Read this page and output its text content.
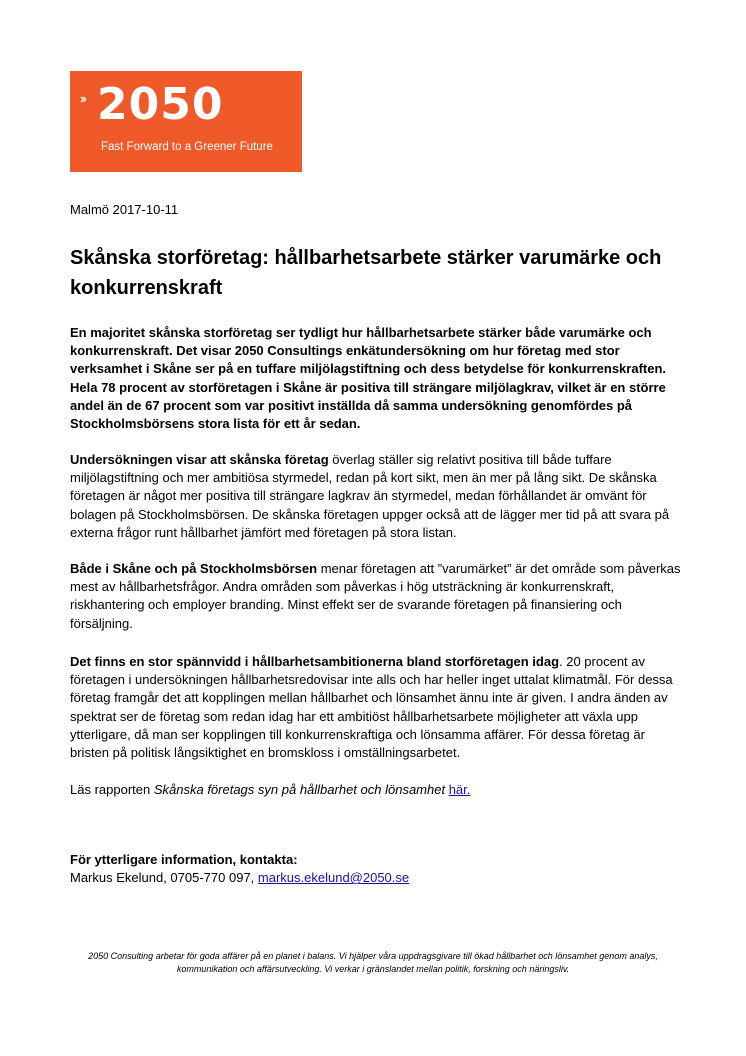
›› 2050
Fast Forward to a Greener Future
Malmö 2017-10-11
Skånska storföretag: hållbarhetsarbete stärker varumärke och konkurrenskraft

En majoritet skånska storföretag ser tydligt hur hållbarhetsarbete stärker både varumärke och konkurrenskraft. Det visar 2050 Consultings enkätundersökning om hur företag med stor verksamhet i Skåne ser på en tuffare miljölagstiftning och dess betydelse för konkurrenskraften. Hela 78 procent av storföretagen i Skåne är positiva till strängare miljölagkrav, vilket är en större andel än de 67 procent som var positivt inställda då samma undersökning genomfördes på Stockholmsbörsens stora lista för ett år sedan.

Undersökningen visar att skånska företag överlag ställer sig relativt positiva till både tuffare miljölagstiftning och mer ambitiösa styrmedel, redan på kort sikt, men än mer på lång sikt. De skånska företagen är något mer positiva till strängare lagkrav än styrmedel, medan förhållandet är omvänt för bolagen på Stockholmsbörsen. De skånska företagen uppger också att de lägger mer tid på att svara på externa frågor runt hållbarhet jämfört med företagen på stora listan.

Både i Skåne och på Stockholmsbörsen menar företagen att ”varumärket” är det område som påverkas mest av hållbarhetsfrågor. Andra områden som påverkas i hög utsträckning är konkurrenskraft, riskhantering och employer branding. Minst effekt ser de svarande företagen på finansiering och försäljning.

Det finns en stor spännvidd i hållbarhetsambitionerna bland storföretagen idag. 20 procent av företagen i undersökningen hållbarhetsredovisar inte alls och har heller inget uttalat klimatmål. För dessa företag framgår det att kopplingen mellan hållbarhet och lönsamhet ännu inte är given. I andra änden av spektrat ser de företag som redan idag har ett ambitiöst hållbarhetsarbete möjligheter att växla upp ytterligare, då man ser kopplingen till konkurrenskraftiga och lönsamma affärer. För dessa företag är bristen på politisk långsiktighet en bromskloss i omställningsarbetet.

Läs rapporten Skånska företags syn på hållbarhet och lönsamhet här.

För ytterligare information, kontakta:
Markus Ekelund, 0705-770 097, markus.ekelund@2050.se

2050 Consulting arbetar för goda affärer på en planet i balans. Vi hjälper våra uppdragsgivare till ökad hållbarhet och lönsamhet genom analys, kommunikation och affärsutveckling. Vi verkar i gränslandet mellan politik, forskning och näringsliv.
